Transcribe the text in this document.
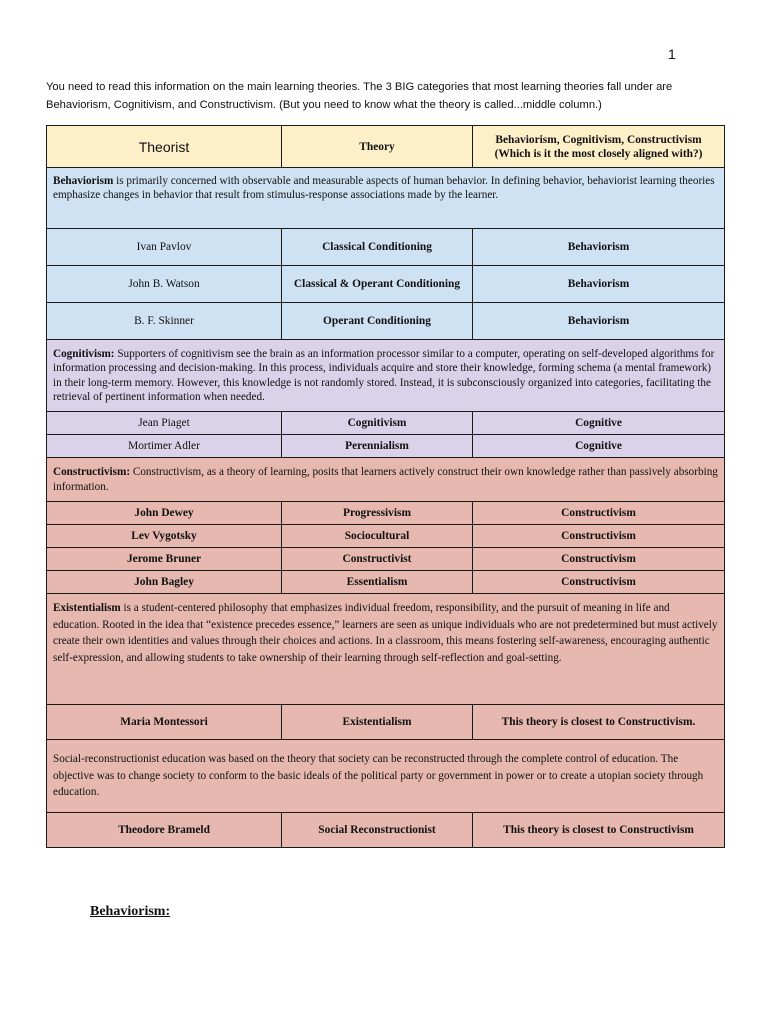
1
You need to read this information on the main learning theories. The 3 BIG categories that most learning theories fall under are Behaviorism, Cognitivism, and Constructivism. (But you need to know what the theory is called...middle column.)
Theorist	Theory	Behaviorism, Cognitivism, Constructivism (Which is it the most closely aligned with?)
Behaviorism is primarily concerned with observable and measurable aspects of human behavior. In defining behavior, behaviorist learning theories emphasize changes in behavior that result from stimulus-response associations made by the learner.		
Ivan Pavlov	Classical Conditioning	Behaviorism
John B. Watson	Classical & Operant Conditioning	Behaviorism
B. F. Skinner	Operant Conditioning	Behaviorism
Cognitivism: Supporters of cognitivism see the brain as an information processor similar to a computer, operating on self-developed algorithms for information processing and decision-making. In this process, individuals acquire and store their knowledge, forming schema (a mental framework) in their long-term memory. However, this knowledge is not randomly stored. Instead, it is subconsciously organized into categories, facilitating the retrieval of pertinent information when needed.		
Jean Piaget	Cognitivism	Cognitive
Mortimer Adler	Perennialism	Cognitive
Constructivism: Constructivism, as a theory of learning, posits that learners actively construct their own knowledge rather than passively absorbing information.		
John Dewey	Progressivism	Constructivism
Lev Vygotsky	Sociocultural	Constructivism
Jerome Bruner	Constructivist	Constructivism
John Bagley	Essentialism	Constructivism
Existentialism is a student-centered philosophy that emphasizes individual freedom, responsibility, and the pursuit of meaning in life and education. Rooted in the idea that “existence precedes essence,” learners are seen as unique individuals who are not predetermined but must actively create their own identities and values through their choices and actions. In a classroom, this means fostering self-awareness, encouraging authentic self-expression, and allowing students to take ownership of their learning through self-reflection and goal-setting.		
Maria Montessori	Existentialism	This theory is closest to Constructivism.
Social-reconstructionist education was based on the theory that society can be reconstructed through the complete control of education. The objective was to change society to conform to the basic ideals of the political party or government in power or to create a utopian society through education.		
Theodore Brameld	Social Reconstructionist	This theory is closest to Constructivism
Behaviorism:
